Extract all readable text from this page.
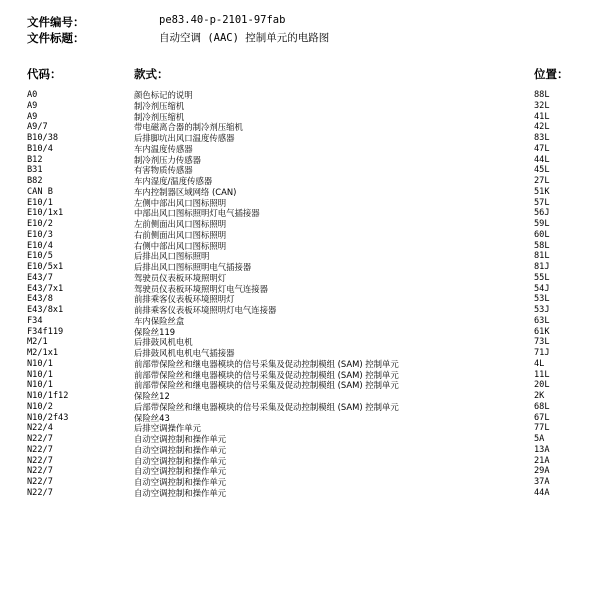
文件编号：	pe83.40-p-2101-97fab
文件标题：	自动空调 (AAC) 控制单元的电路图
代码：	款式：	位置：
A0	颜色标记的说明	88L
A9	制冷剂压缩机	32L
A9	制冷剂压缩机	41L
A9/7	带电磁离合器的制冷剂压缩机	42L
B10/38	后排脚坑出风口温度传感器	83L
B10/4	车内温度传感器	47L
B12	制冷剂压力传感器	44L
B31	有害物质传感器	45L
B82	车内湿度/温度传感器	27L
CAN B	车内控制器区域网络 (CAN)	51K
E10/1	左侧中部出风口图标照明	57L
E10/1x1	中部出风口图标照明灯电气插接器	56J
E10/2	左前侧面出风口图标照明	59L
E10/3	右前侧面出风口图标照明	60L
E10/4	右侧中部出风口图标照明	58L
E10/5	后排出风口图标照明	81L
E10/5x1	后排出风口图标照明电气插接器	81J
E43/7	驾驶员仪表板环境照明灯	55L
E43/7x1	驾驶员仪表板环境照明灯电气连接器	54J
E43/8	前排乘客仪表板环境照明灯	53L
E43/8x1	前排乘客仪表板环境照明灯电气连接器	53J
F34	车内保险丝盒	63L
F34f119	保险丝119	61K
M2/1	后排鼓风机电机	73L
M2/1x1	后排鼓风机电机电气插接器	71J
N10/1	前部带保险丝和继电器模块的信号采集及促动控制模组 (SAM) 控制单元	4L
N10/1	前部带保险丝和继电器模块的信号采集及促动控制模组 (SAM) 控制单元	11L
N10/1	前部带保险丝和继电器模块的信号采集及促动控制模组 (SAM) 控制单元	20L
N10/1f12	保险丝12	2K
N10/2	后部带保险丝和继电器模块的信号采集及促动控制模组 (SAM) 控制单元	68L
N10/2f43	保险丝43	67L
N22/4	后排空调操作单元	77L
N22/7	自动空调控制和操作单元	5A
N22/7	自动空调控制和操作单元	13A
N22/7	自动空调控制和操作单元	21A
N22/7	自动空调控制和操作单元	29A
N22/7	自动空调控制和操作单元	37A
N22/7	自动空调控制和操作单元	44A
